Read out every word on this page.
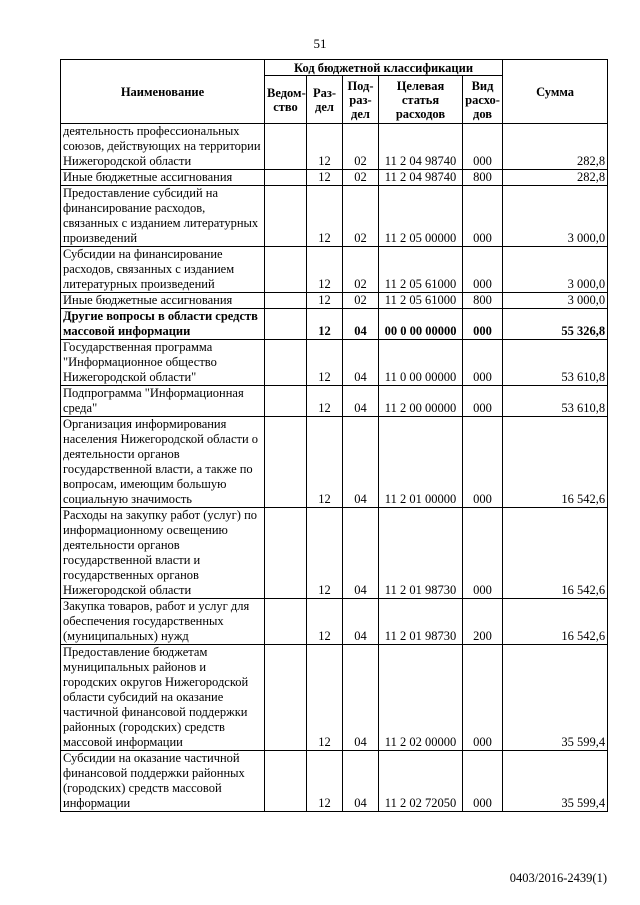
51
Наименование	Код бюджетной классификации					Сумма
	Ведом-ство	Раз-дел	Под-раз-дел	Целевая статья расходов	Вид расхо-дов	
деятельность профессиональных союзов, действующих на территории Нижегородской области		12	02	11 2 04 98740	000	282,8
Иные бюджетные ассигнования		12	02	11 2 04 98740	800	282,8
Предоставление субсидий на финансирование расходов, связанных с изданием литературных произведений		12	02	11 2 05 00000	000	3 000,0
Субсидии на финансирование расходов, связанных с изданием литературных произведений		12	02	11 2 05 61000	000	3 000,0
Иные бюджетные ассигнования		12	02	11 2 05 61000	800	3 000,0
Другие вопросы в области средств массовой информации		12	04	00 0 00 00000	000	55 326,8
Государственная программа "Информационное общество Нижегородской области"		12	04	11 0 00 00000	000	53 610,8
Подпрограмма "Информационная среда"		12	04	11 2 00 00000	000	53 610,8
Организация информирования населения Нижегородской области о деятельности органов государственной власти, а также по вопросам, имеющим большую социальную значимость		12	04	11 2 01 00000	000	16 542,6
Расходы на закупку работ (услуг) по информационному освещению деятельности органов государственной власти и государственных органов Нижегородской области		12	04	11 2 01 98730	000	16 542,6
Закупка товаров, работ и услуг для обеспечения государственных (муниципальных) нужд		12	04	11 2 01 98730	200	16 542,6
Предоставление бюджетам муниципальных районов и городских округов Нижегородской области субсидий на оказание частичной финансовой поддержки районных (городских) средств массовой информации		12	04	11 2 02 00000	000	35 599,4
Субсидии на оказание частичной финансовой поддержки районных (городских) средств массовой информации		12	04	11 2 02 72050	000	35 599,4
0403/2016-2439(1)
